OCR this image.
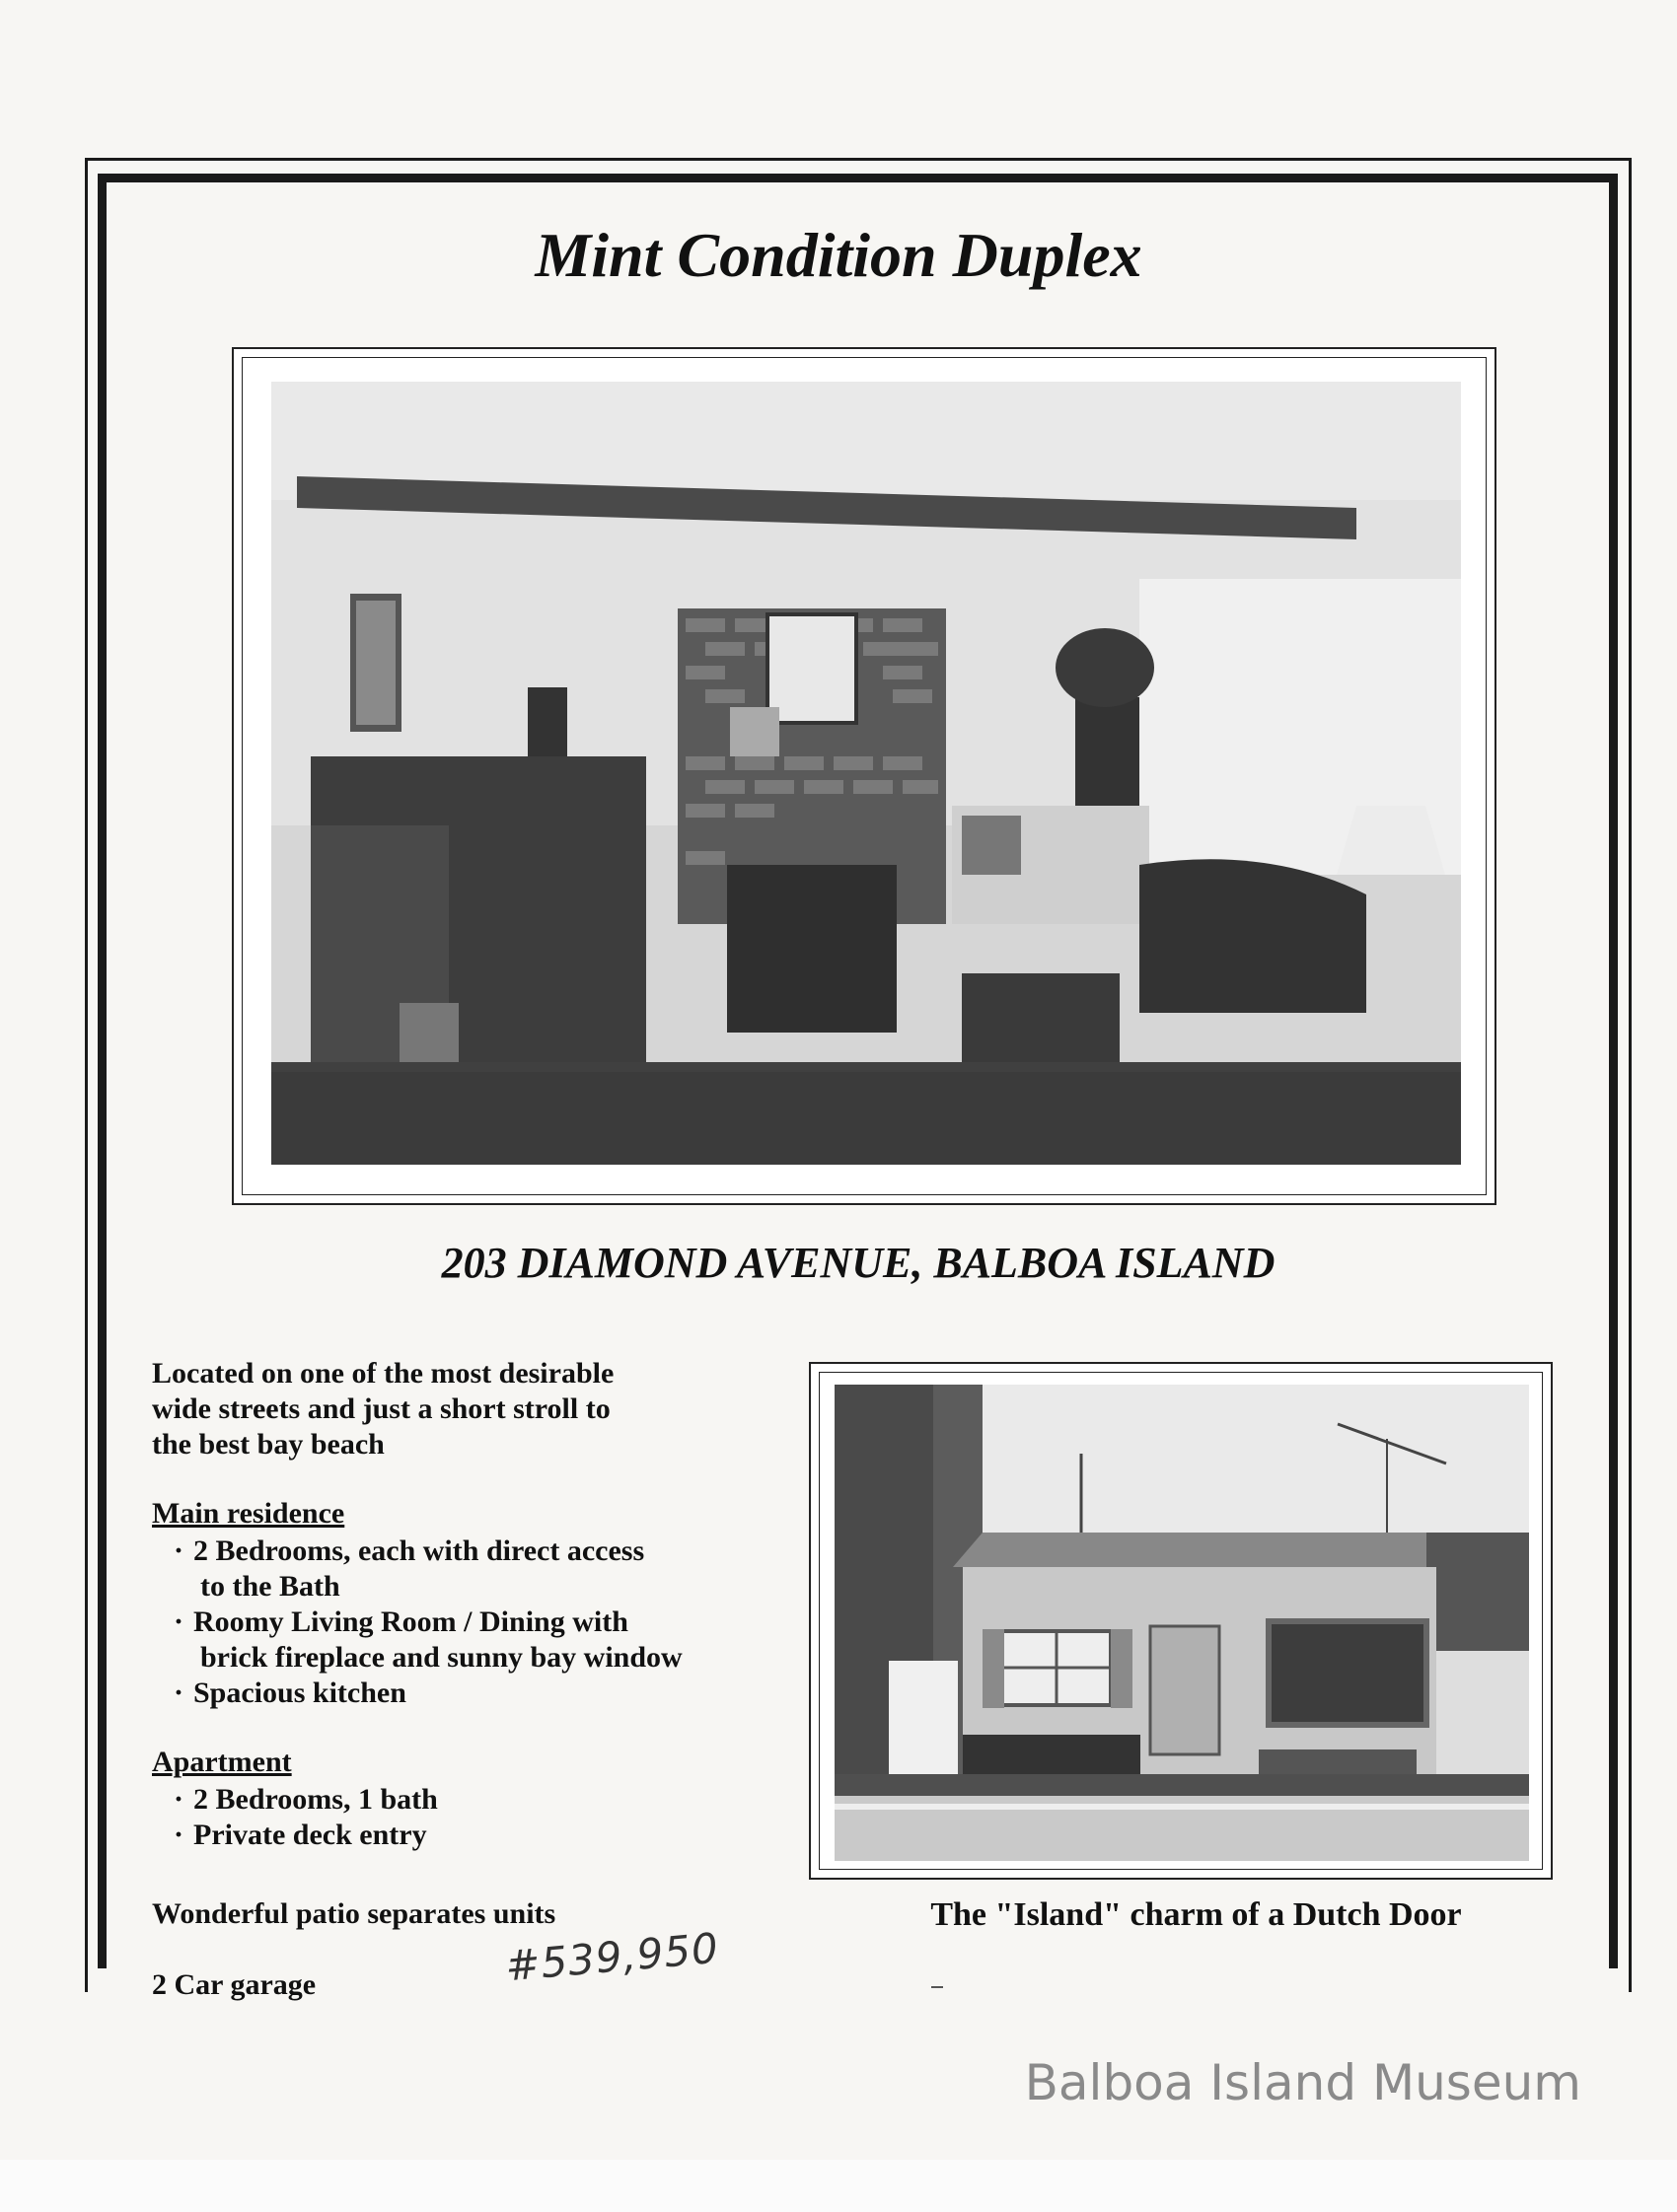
Mint Condition Duplex
203 DIAMOND AVENUE, BALBOA ISLAND

Located on one of the most desirable
wide streets and just a short stroll to
the best bay beach

Main residence
· 2 Bedrooms, each with direct access
to the Bath
· Roomy Living Room / Dining with
brick fireplace and sunny bay window
· Spacious kitchen
Apartment
· 2 Bedrooms, 1 bath
· Private deck entry

Wonderful patio separates units

2 Car garage	#539,950

The "Island" charm of a Dutch Door

Balboa Island Museum
